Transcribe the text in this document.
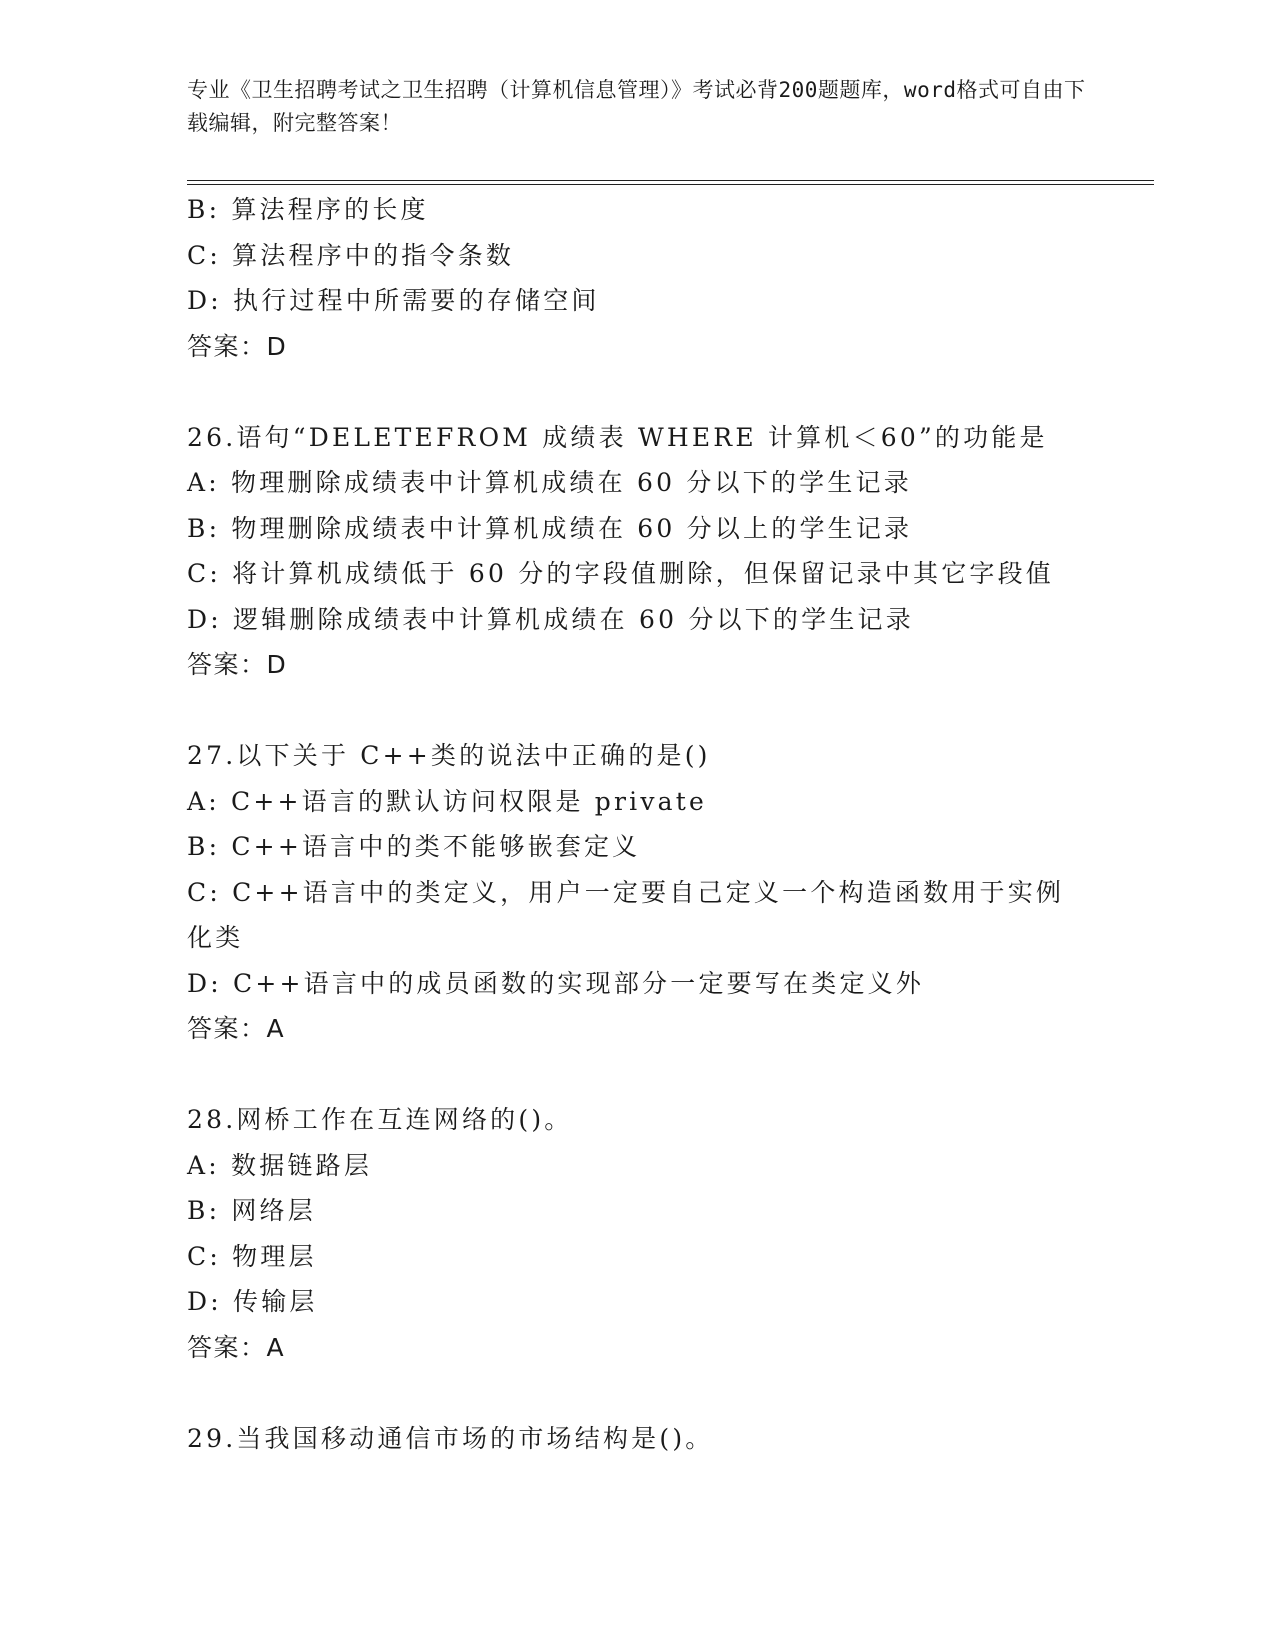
专业《卫生招聘考试之卫生招聘（计算机信息管理）》考试必背200题题库，word格式可自由下载编辑，附完整答案！
B: 算法程序的长度
C: 算法程序中的指令条数
D: 执行过程中所需要的存储空间
答案：D
26.语句“DELETEFROM 成绩表 WHERE 计算机＜60”的功能是
A: 物理删除成绩表中计算机成绩在 60 分以下的学生记录
B: 物理删除成绩表中计算机成绩在 60 分以上的学生记录
C: 将计算机成绩低于 60 分的字段值删除，但保留记录中其它字段值
D: 逻辑删除成绩表中计算机成绩在 60 分以下的学生记录
答案：D
27.以下关于 C++类的说法中正确的是()
A: C++语言的默认访问权限是 private
B: C++语言中的类不能够嵌套定义
C: C++语言中的类定义，用户一定要自己定义一个构造函数用于实例
化类
D: C++语言中的成员函数的实现部分一定要写在类定义外
答案：A
28.网桥工作在互连网络的()。
A: 数据链路层
B: 网络层
C: 物理层
D: 传输层
答案：A
29.当我国移动通信市场的市场结构是()。
